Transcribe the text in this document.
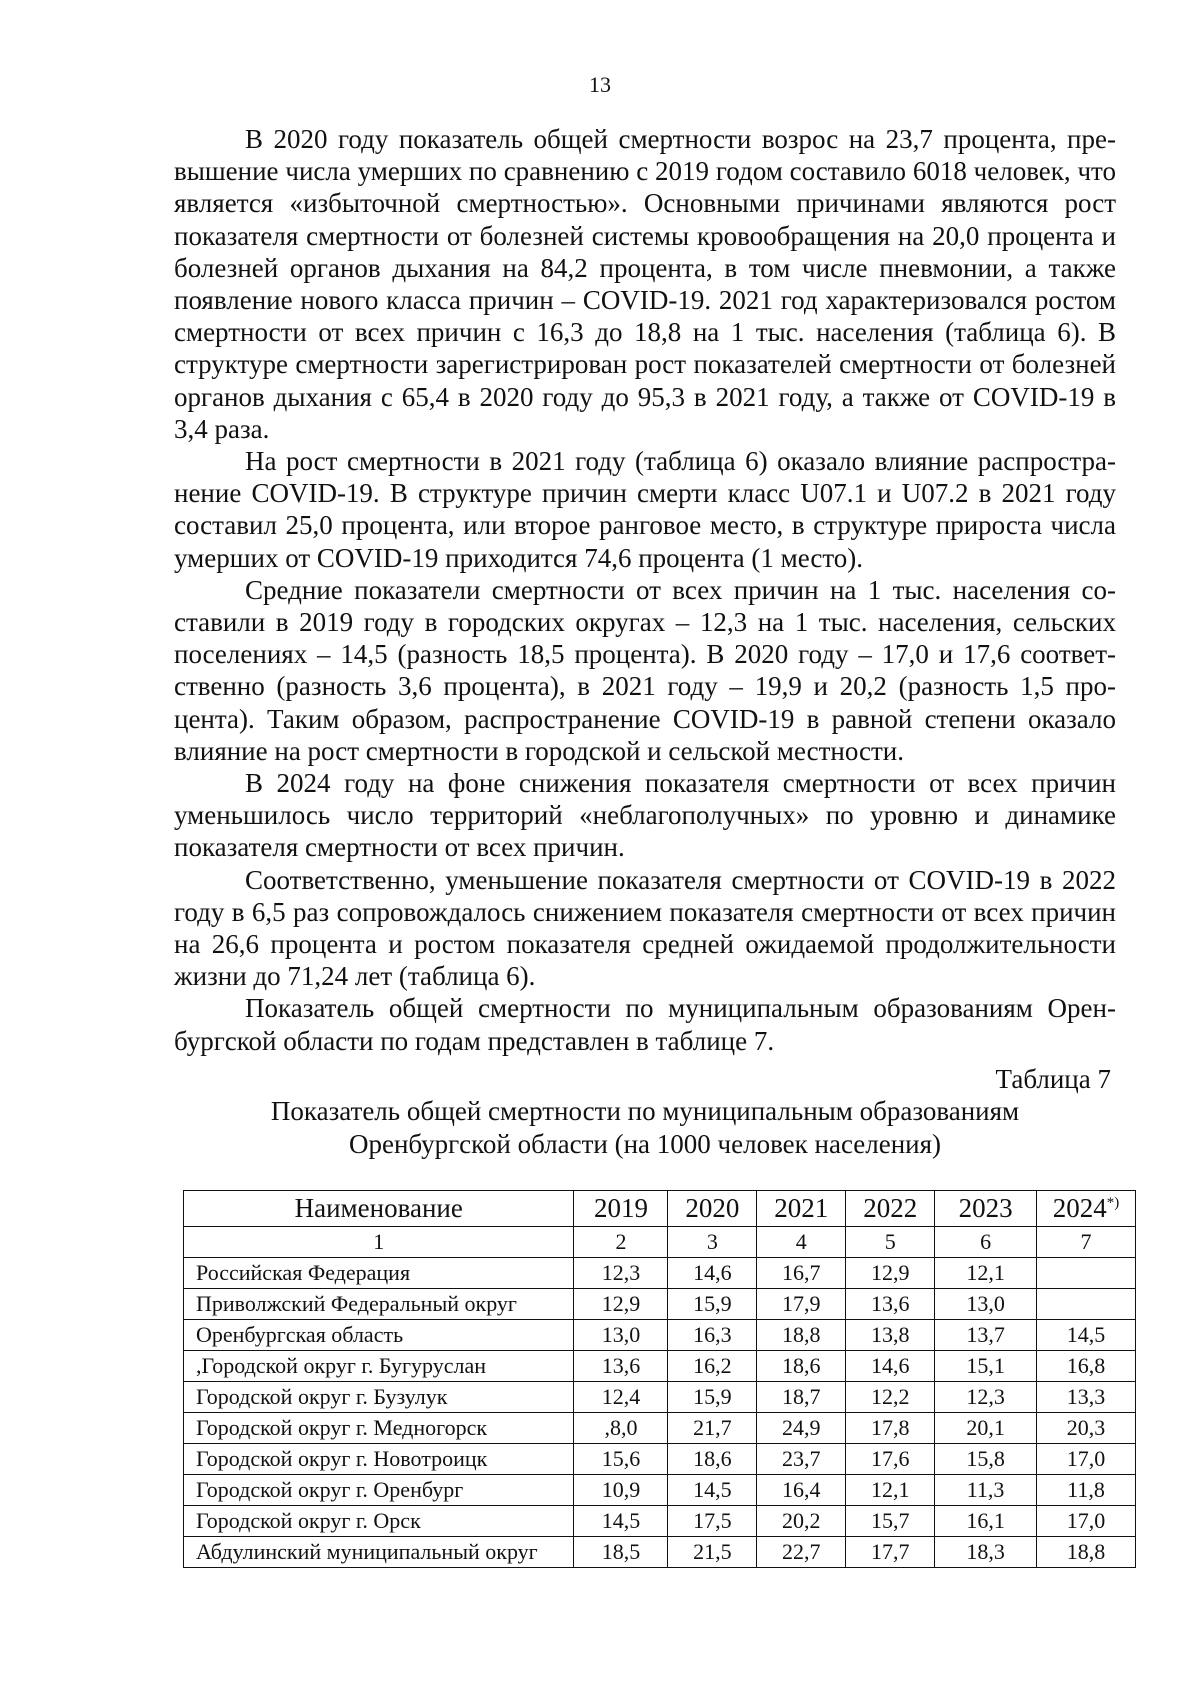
13

В 2020 году показатель общей смертности возрос на 23,7 процента, превышение числа умерших по сравнению с 2019 годом составило 6018 человек, что является «избыточной смертностью». Основными причинами являются рост показателя смертности от болезней системы кровообращения на 20,0 процента и болезней органов дыхания на 84,2 процента, в том числе пневмонии, а также появление нового класса причин – COVID-19. 2021 год характеризовался ростом смертности от всех причин с 16,3 до 18,8 на 1 тыс. населения (таблица 6). В структуре смертности зарегистрирован рост показателей смертности от болезней органов дыхания с 65,4 в 2020 году до 95,3 в 2021 году, а также от COVID-19 в 3,4 раза.

На рост смертности в 2021 году (таблица 6) оказало влияние распространение COVID-19. В структуре причин смерти класс U07.1 и U07.2 в 2021 году составил 25,0 процента, или второе ранговое место, в структуре прироста числа умерших от COVID-19 приходится 74,6 процента (1 место).

Средние показатели смертности от всех причин на 1 тыс. населения составили в 2019 году в городских округах – 12,3 на 1 тыс. населения, сельских поселениях – 14,5 (разность 18,5 процента). В 2020 году – 17,0 и 17,6 соответственно (разность 3,6 процента), в 2021 году – 19,9 и 20,2 (разность 1,5 процента). Таким образом, распространение COVID-19 в равной степени оказало влияние на рост смертности в городской и сельской местности.

В 2024 году на фоне снижения показателя смертности от всех причин уменьшилось число территорий «неблагополучных» по уровню и динамике показателя смертности от всех причин.

Соответственно, уменьшение показателя смертности от COVID-19 в 2022 году в 6,5 раз сопровождалось снижением показателя смертности от всех причин на 26,6 процента и ростом показателя средней ожидаемой продолжительности жизни до 71,24 лет (таблица 6).

Показатель общей смертности по муниципальным образованиям Оренбургской области по годам представлен в таблице 7.

Таблица 7
Показатель общей смертности по муниципальным образованиям
Оренбургской области (на 1000 человек населения)
Наименование	2019	2020	2021	2022	2023	2024*)
1	2	3	4	5	6	7
Российская Федерация	12,3	14,6	16,7	12,9	12,1	
Приволжский Федеральный округ	12,9	15,9	17,9	13,6	13,0	
Оренбургская область	13,0	16,3	18,8	13,8	13,7	14,5
,Городской округ г. Бугуруслан	13,6	16,2	18,6	14,6	15,1	16,8
Городской округ г. Бузулук	12,4	15,9	18,7	12,2	12,3	13,3
Городской округ г. Медногорск	,8,0	21,7	24,9	17,8	20,1	20,3
Городской округ г. Новотроицк	15,6	18,6	23,7	17,6	15,8	17,0
Городской округ г. Оренбург	10,9	14,5	16,4	12,1	11,3	11,8
Городской округ г. Орск	14,5	17,5	20,2	15,7	16,1	17,0
Абдулинский муниципальный округ	18,5	21,5	22,7	17,7	18,3	18,8
